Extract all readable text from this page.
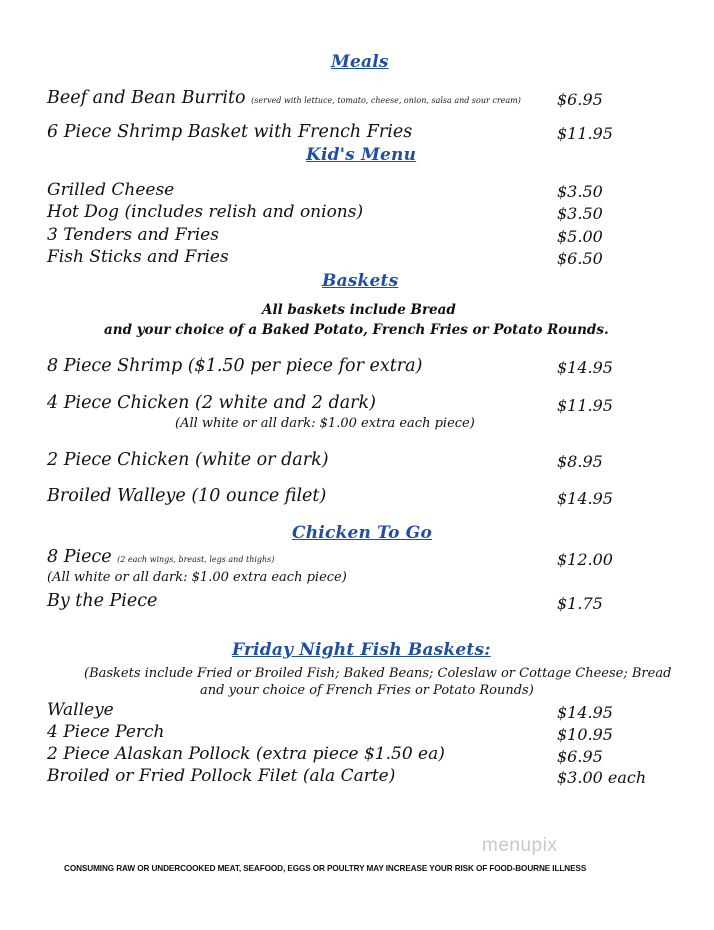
Meals
Beef and Bean Burrito (served with lettuce, tomato, cheese, onion, salsa and sour cream) $6.95
6 Piece Shrimp Basket with French Fries	$11.95
Kid's Menu
Grilled Cheese	$3.50
Hot Dog (includes relish and onions)	$3.50
3 Tenders and Fries	$5.00
Fish Sticks and Fries	$6.50
Baskets
All baskets include Bread
and your choice of a Baked Potato, French Fries or Potato Rounds.
8 Piece Shrimp ($1.50 per piece for extra)	$14.95
4 Piece Chicken (2 white and 2 dark)	$11.95
(All white or all dark: $1.00 extra each piece)
2 Piece Chicken (white or dark)	$8.95
Broiled Walleye (10 ounce filet)	$14.95
Chicken To Go
8 Piece (2 each wings, breast, legs and thighs)	$12.00
(All white or all dark: $1.00 extra each piece)
By the Piece	$1.75
Friday Night Fish Baskets:
(Baskets include Fried or Broiled Fish; Baked Beans; Coleslaw or Cottage Cheese; Bread
and your choice of French Fries or Potato Rounds)
Walleye	$14.95
4 Piece Perch	$10.95
2 Piece Alaskan Pollock (extra piece $1.50 ea)	$6.95
Broiled or Fried Pollock Filet (ala Carte)	$3.00 each
menupix
CONSUMING RAW OR UNDERCOOKED MEAT, SEAFOOD, EGGS OR POULTRY MAY INCREASE YOUR RISK OF FOOD-BOURNE ILLNESS
